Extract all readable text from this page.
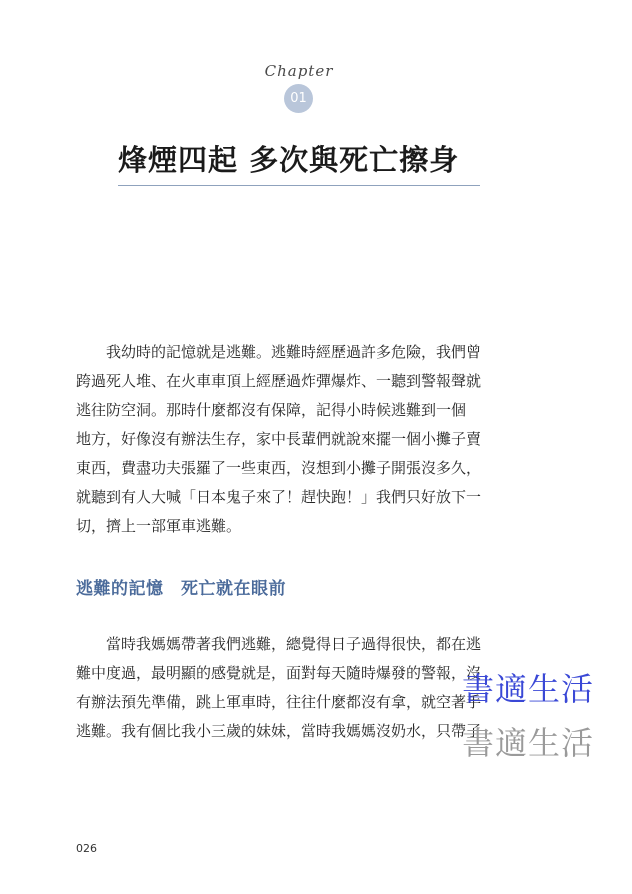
Chapter
01
烽煙四起 多次與死亡擦身

我幼時的記憶就是逃難。逃難時經歷過許多危險，我們曾
跨過死人堆、在火車車頂上經歷過炸彈爆炸、一聽到警報聲就
逃往防空洞。那時什麼都沒有保障，記得小時候逃難到一個
地方，好像沒有辦法生存，家中長輩們就說來擺一個小攤子賣
東西，費盡功夫張羅了一些東西，沒想到小攤子開張沒多久，
就聽到有人大喊「日本鬼子來了！趕快跑！」我們只好放下一
切，擠上一部軍車逃難。

逃難的記憶　死亡就在眼前

當時我媽媽帶著我們逃難，總覺得日子過得很快，都在逃
難中度過，最明顯的感覺就是，面對每天隨時爆發的警報，沒
有辦法預先準備，跳上軍車時，往往什麼都沒有拿，就空著手
逃難。我有個比我小三歲的妹妹，當時我媽媽沒奶水，只帶了

書適生活
書適生活
026
